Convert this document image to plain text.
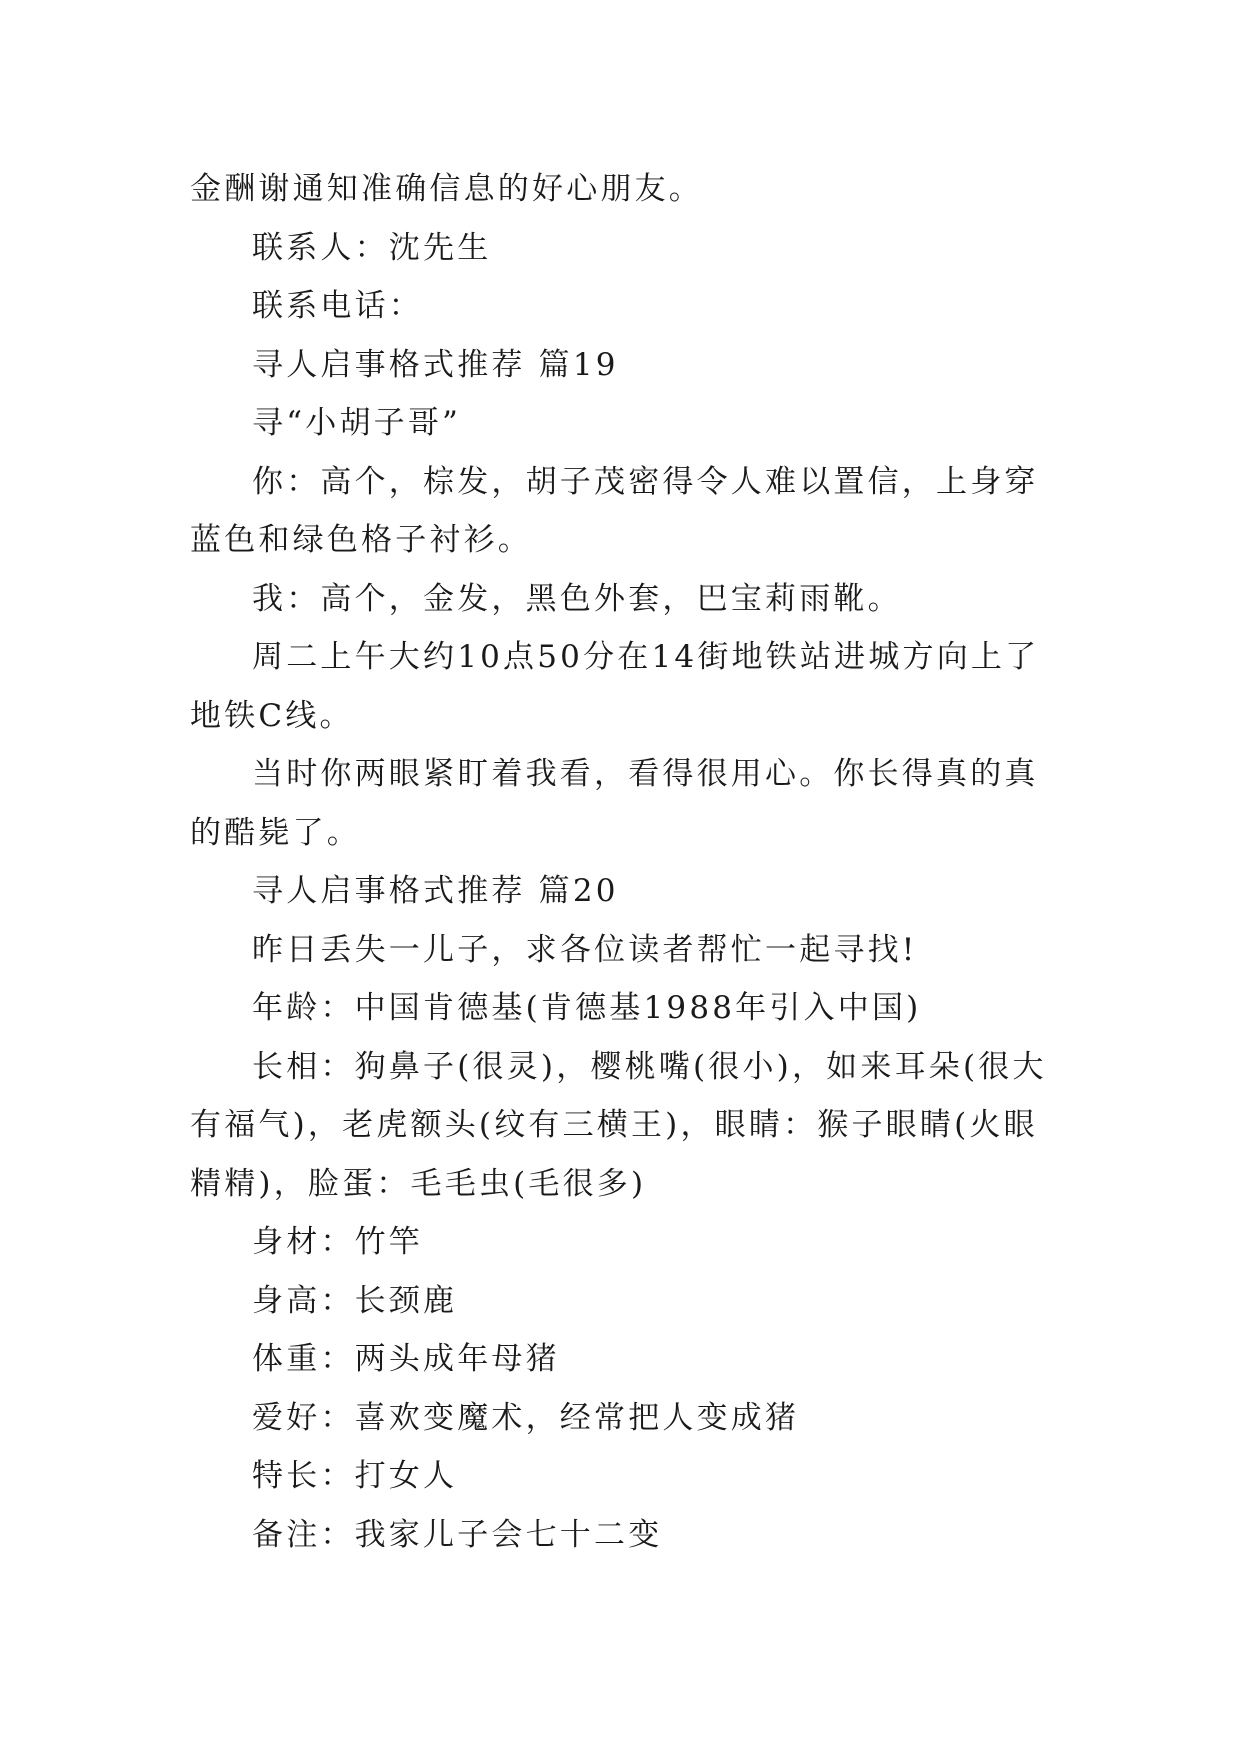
金酬谢通知准确信息的好心朋友。

联系人：沈先生

联系电话：

寻人启事格式推荐 篇19

寻“小胡子哥”

你：高个，棕发，胡子茂密得令人难以置信，上身穿蓝色和绿色格子衬衫。

我：高个，金发，黑色外套，巴宝莉雨靴。

周二上午大约10点50分在14街地铁站进城方向上了地铁C线。

当时你两眼紧盯着我看，看得很用心。你长得真的真的酷毙了。

寻人启事格式推荐 篇20

昨日丢失一儿子，求各位读者帮忙一起寻找!

年龄：中国肯德基(肯德基1988年引入中国)

长相：狗鼻子(很灵)，樱桃嘴(很小)，如来耳朵(很大有福气)，老虎额头(纹有三横王)，眼睛：猴子眼睛(火眼精精)，脸蛋：毛毛虫(毛很多)

身材：竹竿

身高：长颈鹿

体重：两头成年母猪

爱好：喜欢变魔术，经常把人变成猪

特长：打女人

备注：我家儿子会七十二变
